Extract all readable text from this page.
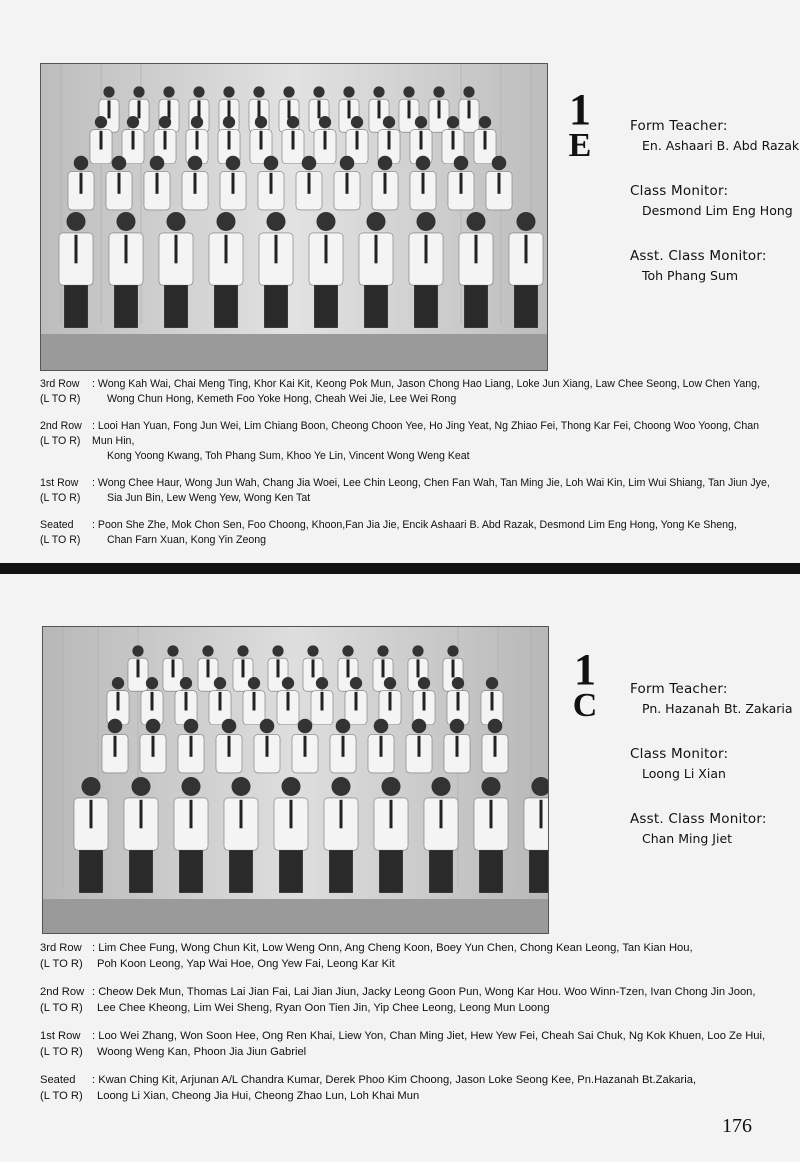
1
E
Form Teacher:
En. Ashaari B. Abd Razak
Class Monitor:
Desmond Lim Eng Hong
Asst. Class Monitor:
Toh Phang Sum
3rd Row
(L TO R)
: Wong Kah Wai, Chai Meng Ting, Khor Kai Kit, Keong Pok Mun, Jason Chong Hao Liang, Loke Jun Xiang, Law Chee Seong, Low Chen Yang,
Wong Chun Hong, Kemeth Foo Yoke Hong, Cheah Wei Jie, Lee Wei Rong
2nd Row
(L TO R)
: Looi Han Yuan, Fong Jun Wei, Lim Chiang Boon, Cheong Choon Yee, Ho Jing Yeat, Ng Zhiao Fei, Thong Kar Fei, Choong Woo Yoong, Chan Mun Hin,
Kong Yoong Kwang, Toh Phang Sum, Khoo Ye Lin, Vincent Wong Weng Keat
1st Row
(L TO R)
: Wong Chee Haur, Wong Jun Wah, Chang Jia Woei, Lee Chin Leong, Chen Fan Wah, Tan Ming Jie, Loh Wai Kin, Lim Wui Shiang, Tan Jiun Jye,
Sia Jun Bin, Lew Weng Yew, Wong Ken Tat
Seated
(L TO R)
: Poon She Zhe, Mok Chon Sen, Foo Choong, Khoon,Fan Jia Jie, Encik Ashaari B. Abd Razak, Desmond Lim Eng Hong, Yong Ke Sheng,
Chan Farn Xuan, Kong Yin Zeong
1
C	Form Teacher:
Pn. Hazanah Bt. Zakaria
Class Monitor:
Loong Li Xian
Asst. Class Monitor:
Chan Ming Jiet
3rd Row
(L TO R)
: Lim Chee Fung, Wong Chun Kit, Low Weng Onn, Ang Cheng Koon, Boey Yun Chen, Chong Kean Leong, Tan Kian Hou,
Poh Koon Leong, Yap Wai Hoe, Ong Yew Fai, Leong Kar Kit
2nd Row
(L TO R)
: Cheow Dek Mun, Thomas Lai Jian Fai, Lai Jian Jiun, Jacky Leong Goon Pun, Wong Kar Hou. Woo Winn-Tzen, Ivan Chong Jin Joon,
Lee Chee Kheong, Lim Wei Sheng, Ryan Oon Tien Jin, Yip Chee Leong, Leong Mun Loong
1st Row
(L TO R)
: Loo Wei Zhang, Won Soon Hee, Ong Ren Khai, Liew Yon, Chan Ming Jiet, Hew Yew Fei, Cheah Sai Chuk, Ng Kok Khuen, Loo Ze Hui,
Woong Weng Kan, Phoon Jia Jiun Gabriel
Seated
(L TO R)
: Kwan Ching Kit, Arjunan A/L Chandra Kumar, Derek Phoo Kim Choong, Jason Loke Seong Kee, Pn.Hazanah Bt.Zakaria,
Loong Li Xian, Cheong Jia Hui, Cheong Zhao Lun, Loh Khai Mun
176
